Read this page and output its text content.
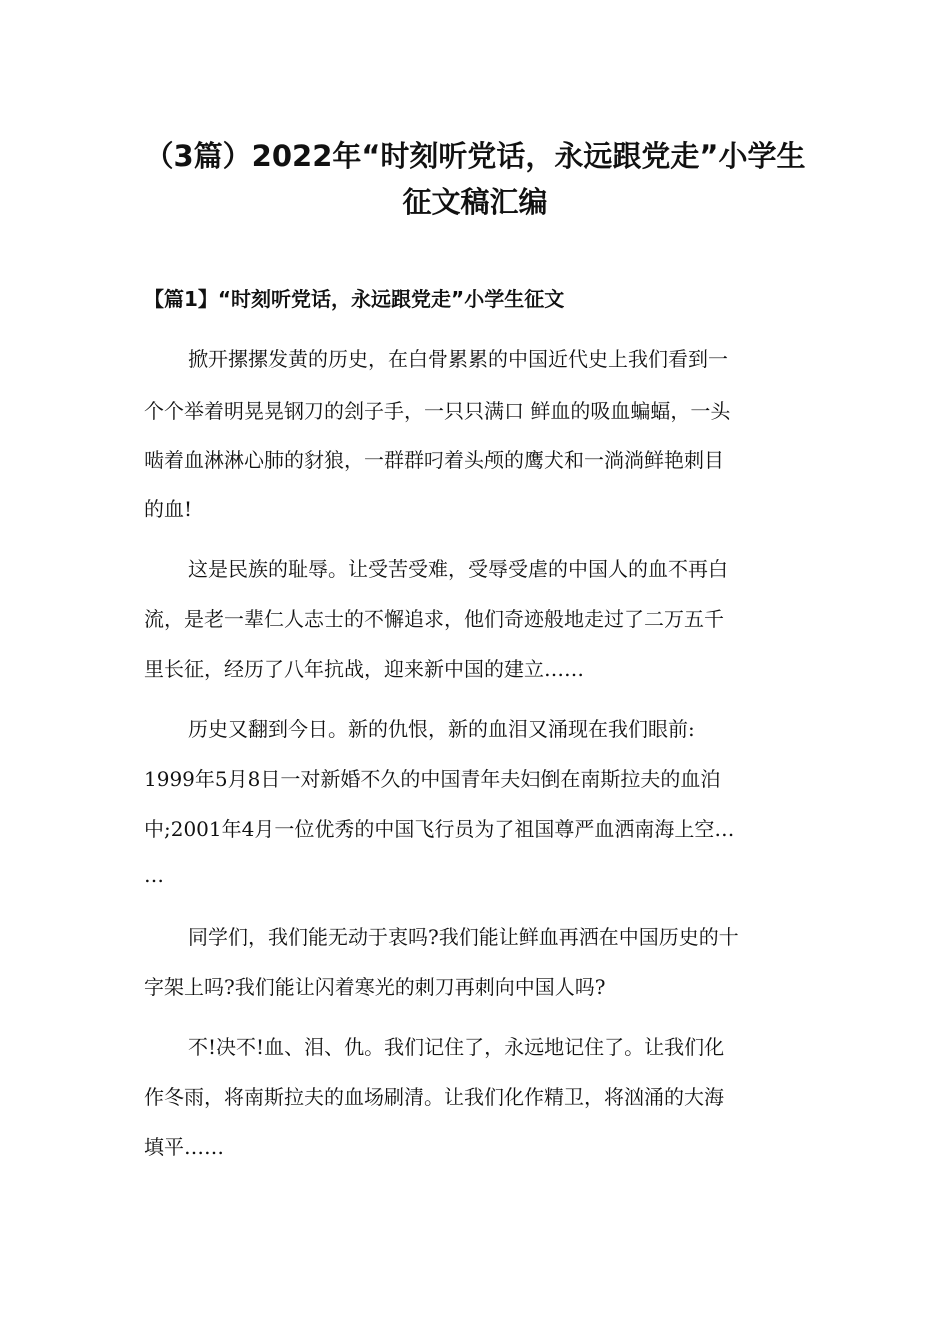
（3篇）2022年“时刻听党话，永远跟党走”小学生
征文稿汇编
【篇1】“时刻听党话，永远跟党走”小学生征文

掀开摞摞发黄的历史，在白骨累累的中国近代史上我们看到一

个个举着明晃晃钢刀的刽子手，一只只满口 鲜血的吸血蝙蝠，一头

啮着血淋淋心肺的豺狼，一群群叼着头颅的鹰犬和一淌淌鲜艳刺目

的血!

这是民族的耻辱。让受苦受难，受辱受虐的中国人的血不再白

流，是老一辈仁人志士的不懈追求，他们奇迹般地走过了二万五千

里长征，经历了八年抗战，迎来新中国的建立……

历史又翻到今日。新的仇恨，新的血泪又涌现在我们眼前:

1999年5月8日一对新婚不久的中国青年夫妇倒在南斯拉夫的血泊

中;2001年4月一位优秀的中国飞行员为了祖国尊严血洒南海上空…

…

同学们，我们能无动于衷吗?我们能让鲜血再洒在中国历史的十

字架上吗?我们能让闪着寒光的刺刀再刺向中国人吗?

不!决不!血、泪、仇。我们记住了，永远地记住了。让我们化

作冬雨，将南斯拉夫的血场刷清。让我们化作精卫，将汹涌的大海

填平……
